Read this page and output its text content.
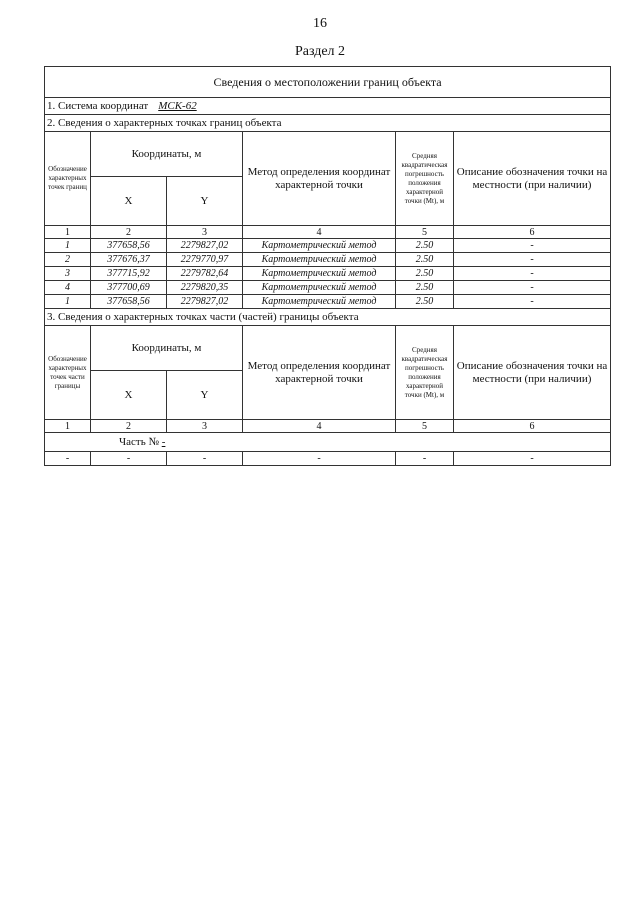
16
Раздел 2
Сведения о местоположении границ объекта					
1. Система координат МСК-62					
2. Сведения о характерных точках границ объекта					
Обозначение характерных точек границ	Координаты, м		Метод определения координат характерной точки	Средняя квадратическая погрешность положения характерной точки (Mt), м	Описание обозначения точки на местности (при наличии)
	X	Y			
1	2	3	4	5	6
1	377658,56	2279827,02	Картометрический метод	2.50	-
2	377676,37	2279770,97	Картометрический метод	2.50	-
3	377715,92	2279782,64	Картометрический метод	2.50	-
4	377700,69	2279820,35	Картометрический метод	2.50	-
1	377658,56	2279827,02	Картометрический метод	2.50	-
3. Сведения о характерных точках части (частей) границы объекта					
Обозначение характерных точек части границы	Координаты, м		Метод определения координат характерной точки	Средняя квадратическая погрешность положения характерной точки (Mt), м	Описание обозначения точки на местности (при наличии)
	X	Y			
1	2	3	4	5	6
Часть № -					
-	-	-	-	-	-
